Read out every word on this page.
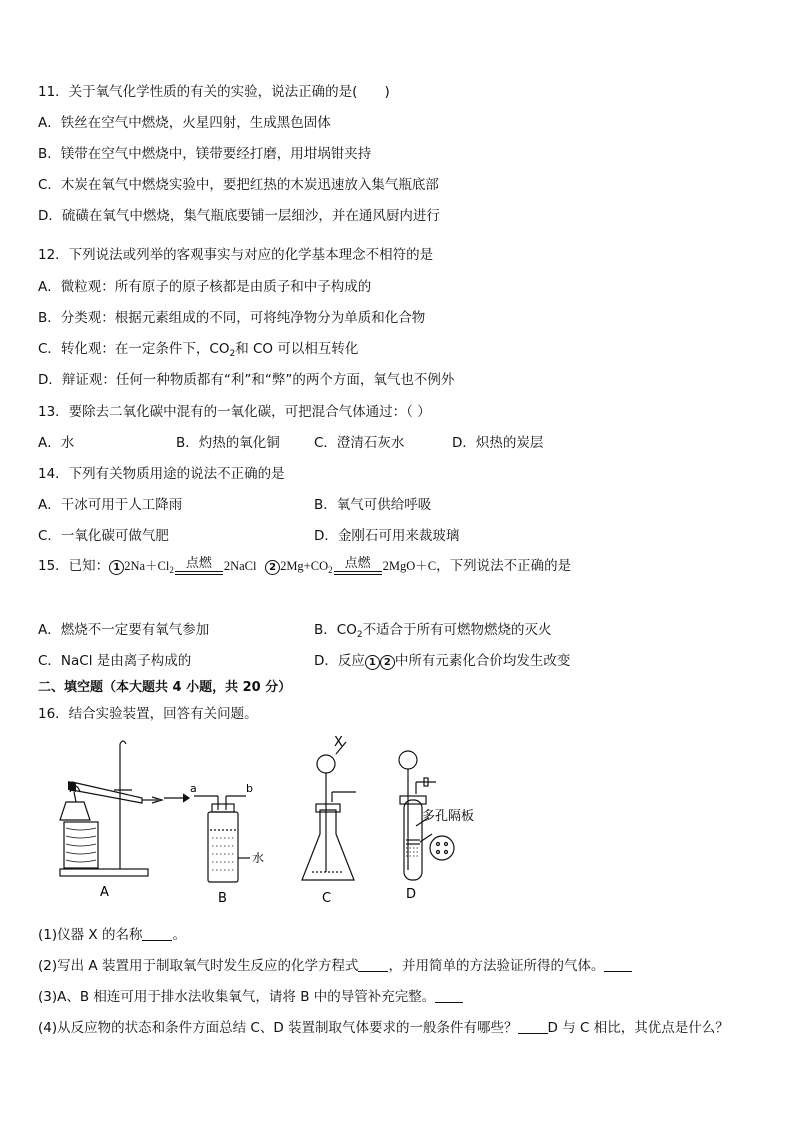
11．关于氧气化学性质的有关的实验，说法正确的是(　　)
A．铁丝在空气中燃烧，火星四射，生成黑色固体
B．镁带在空气中燃烧中，镁带要经打磨，用坩埚钳夹持
C．木炭在氧气中燃烧实验中，要把红热的木炭迅速放入集气瓶底部
D．硫磺在氧气中燃烧，集气瓶底要铺一层细沙，并在通风厨内进行
12．下列说法或列举的客观事实与对应的化学基本理念不相符的是
A．微粒观：所有原子的原子核都是由质子和中子构成的
B．分类观：根据元素组成的不同，可将纯净物分为单质和化合物
C．转化观：在一定条件下，$CO_2$和 CO 可以相互转化
D．辩证观：任何一种物质都有“利”和“弊”的两个方面，氧气也不例外
13．要除去二氧化碳中混有的一氧化碳，可把混合气体通过：（ ）
A．水	B．灼热的氧化铜	C．澄清石灰水	D．炽热的炭层
14．下列有关物质用途的说法不正确的是
A．干冰可用于人工降雨	B．氧气可供给呼吸
C．一氧化碳可做气肥	D．金刚石可用来裁玻璃
15．已知： 1 $2Na+Cl_2$ 点燃 2NaCl 2 $2Mg+CO_2$ 点燃 2MgO＋C，下列说法不正确的是
A．燃烧不一定要有氧气参加	B．$CO_2$不适合于所有可燃物燃烧的灭火
C．NaCl 是由离子构成的	D．反应 1 2 中所有元素化合价均发生改变
二、填空题（本大题共 4 小题，共 20 分）
16．结合实验装置，回答有关问题。
A	B	C	D
a	b
水
X
多孔隔板
(1)仪器 X 的名称 。
(2)写出 A 装置用于制取氧气时发生反应的化学方程式 ，并用简单的方法验证所得的气体。
(3)A、B 相连可用于排水法收集氧气，请将 B 中的导管补充完整。
(4)从反应物的状态和条件方面总结 C、D 装置制取气体要求的一般条件有哪些？ D 与 C 相比，其优点是什么？
